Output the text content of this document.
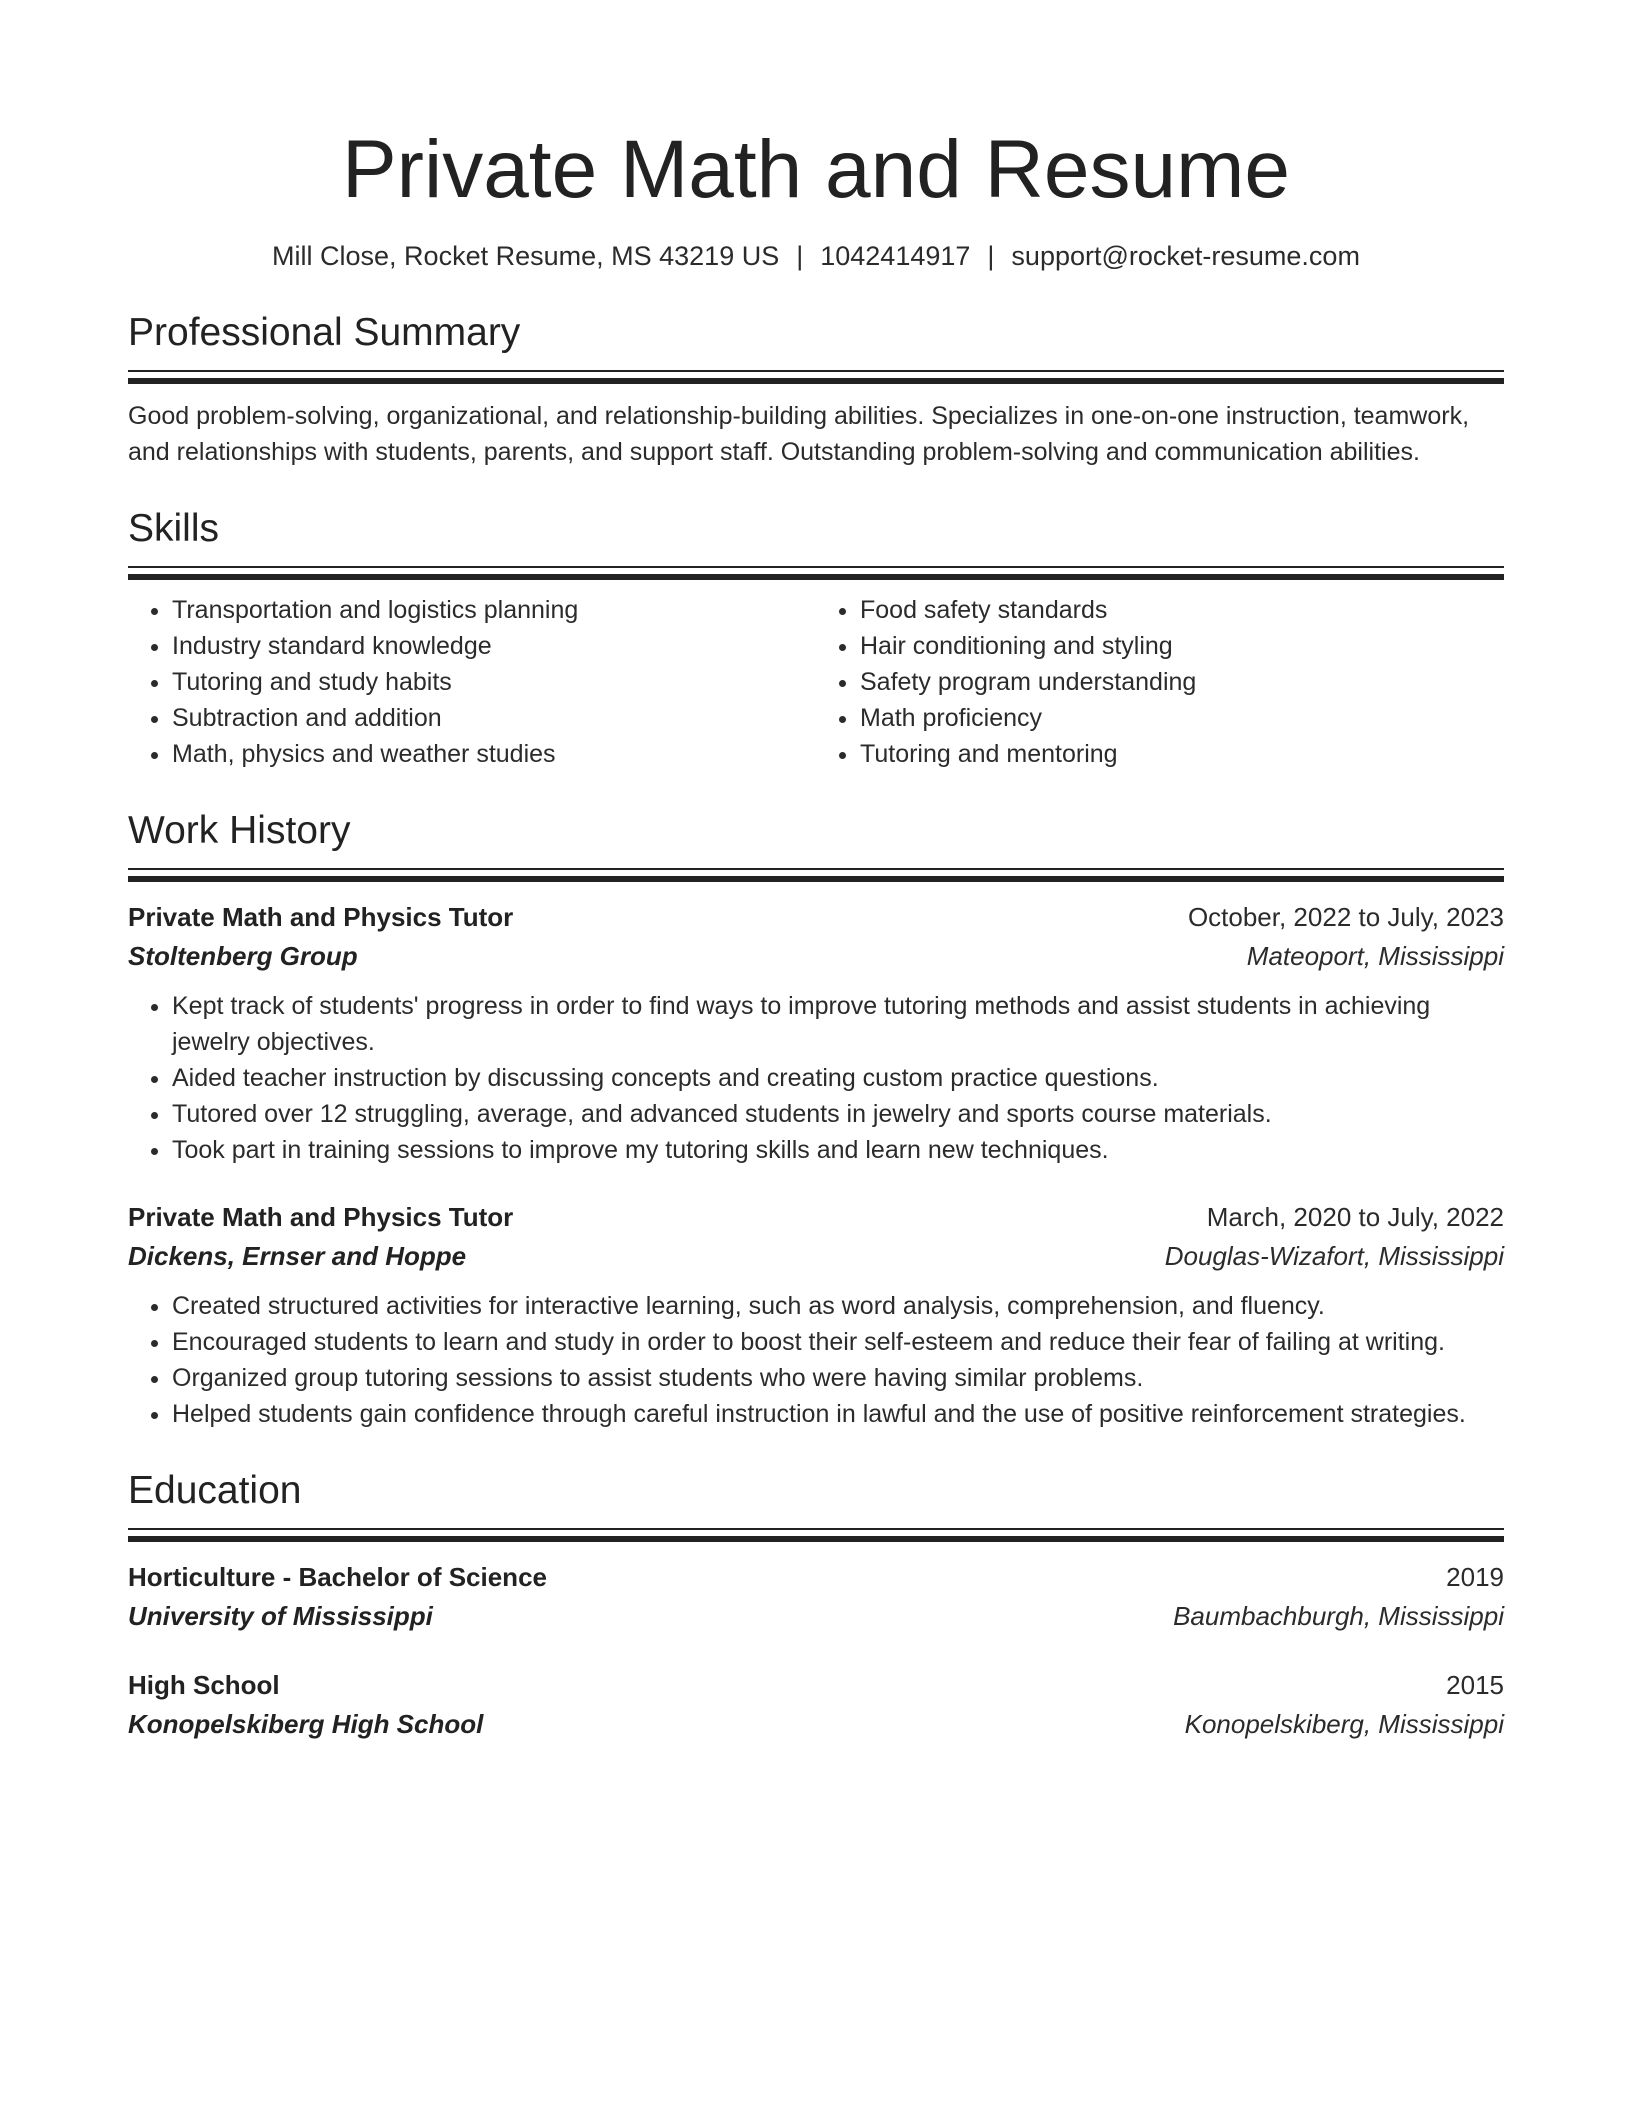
Private Math and Resume
Mill Close, Rocket Resume, MS 43219 US | 1042414917 | support@rocket-resume.com
Professional Summary
Good problem-solving, organizational, and relationship-building abilities. Specializes in one-on-one instruction, teamwork, and relationships with students, parents, and support staff. Outstanding problem-solving and communication abilities.
Skills
• Transportation and logistics planning
• Industry standard knowledge
• Tutoring and study habits
• Subtraction and addition
• Math, physics and weather studies
• Food safety standards
• Hair conditioning and styling
• Safety program understanding
• Math proficiency
• Tutoring and mentoring
Work History
Private Math and Physics Tutor	October, 2022 to July, 2023
Stoltenberg Group	Mateoport, Mississippi
• Kept track of students' progress in order to find ways to improve tutoring methods and assist students in achieving jewelry objectives.
• Aided teacher instruction by discussing concepts and creating custom practice questions.
• Tutored over 12 struggling, average, and advanced students in jewelry and sports course materials.
• Took part in training sessions to improve my tutoring skills and learn new techniques.
Private Math and Physics Tutor	March, 2020 to July, 2022
Dickens, Ernser and Hoppe	Douglas-Wizafort, Mississippi
• Created structured activities for interactive learning, such as word analysis, comprehension, and fluency.
• Encouraged students to learn and study in order to boost their self-esteem and reduce their fear of failing at writing.
• Organized group tutoring sessions to assist students who were having similar problems.
• Helped students gain confidence through careful instruction in lawful and the use of positive reinforcement strategies.
Education
Horticulture - Bachelor of Science	2019
University of Mississippi	Baumbachburgh, Mississippi
High School	2015
Konopelskiberg High School	Konopelskiberg, Mississippi
